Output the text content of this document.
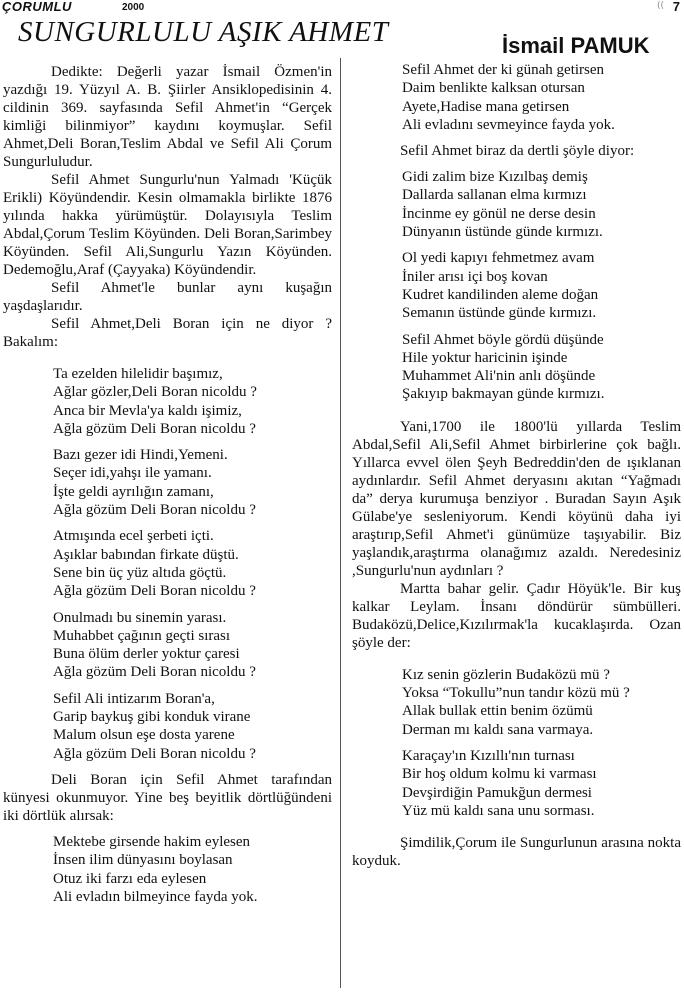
ÇORUMLU	2000	(( 7
SUNGURLULU AŞIK AHMET	İsmail PAMUK

Dedikte: Değerli yazar İsmail Özmen'in yazdığı 19. Yüzyıl A. B. Şiirler Ansiklopedisinin 4. cildinin 369. sayfasında Sefil Ahmet'in “Gerçek kimliği bilinmiyor” kaydını koymuşlar. Sefil Ahmet,Deli Boran,Teslim Abdal ve Sefil Ali Çorum Sungurluludur.

Sefil Ahmet Sungurlu'nun Yalmadı 'Küçük Erikli) Köyündendir. Kesin olmamakla birlikte 1876 yılında hakka yürümüştür. Dolayısıyla Teslim Abdal,Çorum Teslim Köyünden. Deli Boran,Sarimbey Köyünden. Sefil Ali,Sungurlu Yazın Köyünden. Dedemoğlu,Araf (Çayyaka) Köyündendir.

Sefil Ahmet'le bunlar aynı kuşağın yaşdaşlarıdır.

Sefil Ahmet,Deli Boran için ne diyor ? Bakalım:

Ta ezelden hilelidir başımız,
Ağlar gözler,Deli Boran nicoldu ?
Anca bir Mevla'ya kaldı işimiz,
Ağla gözüm Deli Boran nicoldu ?
Bazı gezer idi Hindi,Yemeni.
Seçer idi,yahşı ile yamanı.
İşte geldi ayrılığın zamanı,
Ağla gözüm Deli Boran nicoldu ?
Atmışında ecel şerbeti içti.
Aşıklar babından firkate düştü.
Sene bin üç yüz altıda göçtü.
Ağla gözüm Deli Boran nicoldu ?
Onulmadı bu sinemin yarası.
Muhabbet çağının geçti sırası
Buna ölüm derler yoktur çaresi
Ağla gözüm Deli Boran nicoldu ?
Sefil Ali intizarım Boran'a,
Garip baykuş gibi konduk virane
Malum olsun eşe dosta yarene
Ağla gözüm Deli Boran nicoldu ?

Deli Boran için Sefil Ahmet tarafından künyesi okunmuyor. Yine beş beyitlik dörtlüğündeni iki dörtlük alırsak:

Mektebe girsende hakim eylesen
İnsen ilim dünyasını boylasan
Otuz iki farzı eda eylesen
Ali evladın bilmeyince fayda yok.
Sefil Ahmet der ki günah getirsen
Daim benlikte kalksan otursan
Ayete,Hadise mana getirsen
Ali evladını sevmeyince fayda yok.

Sefil Ahmet biraz da dertli şöyle diyor:

Gidi zalim bize Kızılbaş demiş
Dallarda sallanan elma kırmızı
İncinme ey gönül ne derse desin
Dünyanın üstünde günde kırmızı.
Ol yedi kapıyı fehmetmez avam
İniler arısı içi boş kovan
Kudret kandilinden aleme doğan
Semanın üstünde günde kırmızı.
Sefil Ahmet böyle gördü düşünde
Hile yoktur haricinin işinde
Muhammet Ali'nin anlı döşünde
Şakıyıp bakmayan günde kırmızı.

Yani,1700 ile 1800'lü yıllarda Teslim Abdal,Sefil Ali,Sefil Ahmet birbirlerine çok bağlı. Yıllarca evvel ölen Şeyh Bedreddin'den de ışıklanan aydınlardır. Sefil Ahmet deryasını akıtan “Yağmadı da” derya kurumuşa benziyor . Buradan Sayın Aşık Gülabe'ye sesleniyorum. Kendi köyünü daha iyi araştırıp,Sefil Ahmet'i günümüze taşıyabilir. Biz yaşlandık,araştırma olanağımız azaldı. Neredesiniz ,Sungurlu'nun aydınları ?

Martta bahar gelir. Çadır Höyük'le. Bir kuş kalkar Leylam. İnsanı döndürür sümbülleri. Budaközü,Delice,Kızılırmak'la kucaklaşırda. Ozan şöyle der:

Kız senin gözlerin Budaközü mü ?
Yoksa “Tokullu”nun tandır közü mü ?
Allak bullak ettin benim özümü
Derman mı kaldı sana varmaya.
Karaçay'ın Kızıllı'nın turnası
Bir hoş oldum kolmu ki varması
Devşirdiğin Pamukğun dermesi
Yüz mü kaldı sana unu sorması.

Şimdilik,Çorum ile Sungurlunun arasına nokta koyduk.
